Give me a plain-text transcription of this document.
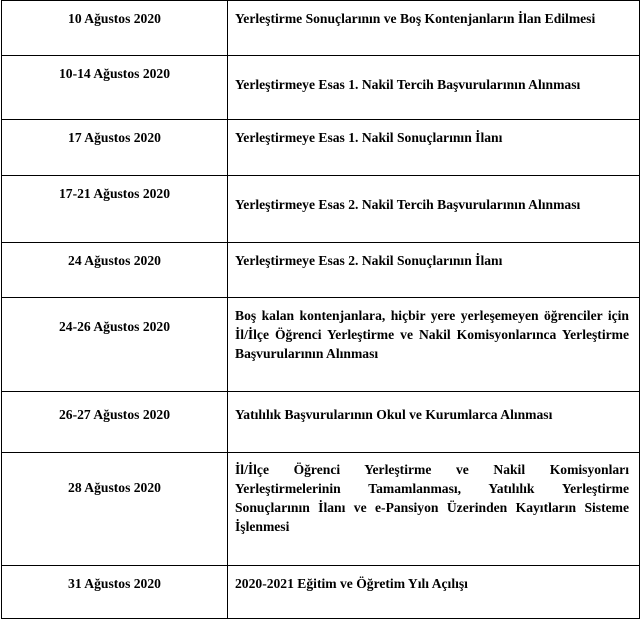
10 Ağustos 2020	Yerleştirme Sonuçlarının ve Boş Kontenjanların İlan Edilmesi
10-14 Ağustos 2020	Yerleştirmeye Esas 1. Nakil Tercih Başvurularının Alınması
17 Ağustos 2020	Yerleştirmeye Esas 1. Nakil Sonuçlarının İlanı
17-21 Ağustos 2020	Yerleştirmeye Esas 2. Nakil Tercih Başvurularının Alınması
24 Ağustos 2020	Yerleştirmeye Esas 2. Nakil Sonuçlarının İlanı
24-26 Ağustos 2020	Boş kalan kontenjanlara, hiçbir yere yerleşemeyen öğrenciler için İl/İlçe Öğrenci Yerleştirme ve Nakil Komisyonlarınca Yerleştirme Başvurularının Alınması
26-27 Ağustos 2020	Yatılılık Başvurularının Okul ve Kurumlarca Alınması
28 Ağustos 2020	İl/İlçe Öğrenci Yerleştirme ve Nakil Komisyonları Yerleştirmelerinin Tamamlanması, Yatılılık Yerleştirme Sonuçlarının İlanı ve e-Pansiyon Üzerinden Kayıtların Sisteme İşlenmesi
31 Ağustos 2020	2020-2021 Eğitim ve Öğretim Yılı Açılışı
